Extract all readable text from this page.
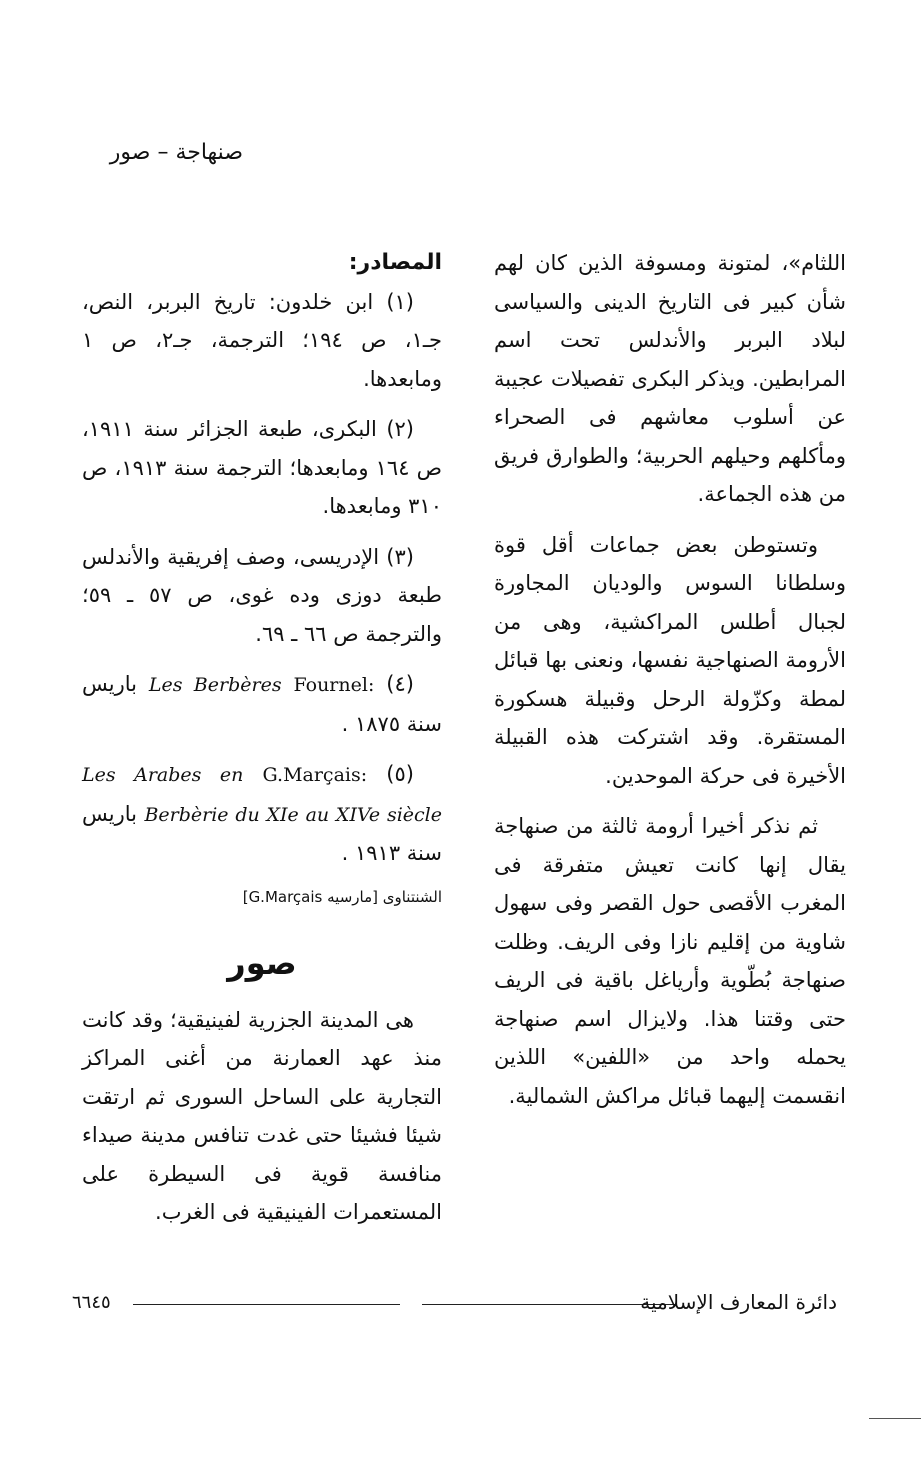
صنهاجة – صور

اللثام»، لمتونة ومسوفة الذين كان لهم شأن كبير فى التاريخ الدينى والسياسى لبلاد البربر والأندلس تحت اسم المرابطين. ويذكر البكرى تفصيلات عجيبة عن أسلوب معاشهم فى الصحراء ومأكلهم وحيلهم الحربية؛ والطوارق فريق من هذه الجماعة.

وتستوطن بعض جماعات أقل قوة وسلطانا السوس والوديان المجاورة لجبال أطلس المراكشية، وهى من الأرومة الصنهاجية نفسها، ونعنى بها قبائل لمطة وكزّولة الرحل وقبيلة هسكورة المستقرة. وقد اشتركت هذه القبيلة الأخيرة فى حركة الموحدين.

ثم نذكر أخيرا أرومة ثالثة من صنهاجة يقال إنها كانت تعيش متفرقة فى المغرب الأقصى حول القصر وفى سهول شاوية من إقليم نازا وفى الريف. وظلت صنهاجة بُطّوية وأرياغل باقية فى الريف حتى وقتنا هذا. ولايزال اسم صنهاجة يحمله واحد من «اللفين» اللذين انقسمت إليهما قبائل مراكش الشمالية.

المصادر:

(١) ابن خلدون: تاريخ البربر، النص، جـ١، ص ١٩٤؛ الترجمة، جـ٢، ص ١ ومابعدها.

(٢) البكرى، طبعة الجزائر سنة ١٩١١، ص ١٦٤ ومابعدها؛ الترجمة سنة ١٩١٣، ص ٣١٠ ومابعدها.

(٣) الإدريسى، وصف إفريقية والأندلس طبعة دوزى وده غوى، ص ٥٧ ـ ٥٩؛ والترجمة ص ٦٦ ـ ٦٩.

(٤) Fournel: Les Berbères باريس سنة ١٨٧٥ .

(٥) G.Marçais: Les Arabes en Berbèrie du XIe au XIVe siècle باريس سنة ١٩١٣ .

الشنتناوى [مارسيه G.Marçais]

صور

هى المدينة الجزرية لفينيقية؛ وقد كانت منذ عهد العمارنة من أغنى المراكز التجارية على الساحل السورى ثم ارتقت شيئا فشيئا حتى غدت تنافس مدينة صيداء منافسة قوية فى السيطرة على المستعمرات الفينيقية فى الغرب.

٦٦٤٥	دائرة المعارف الإسلامية
